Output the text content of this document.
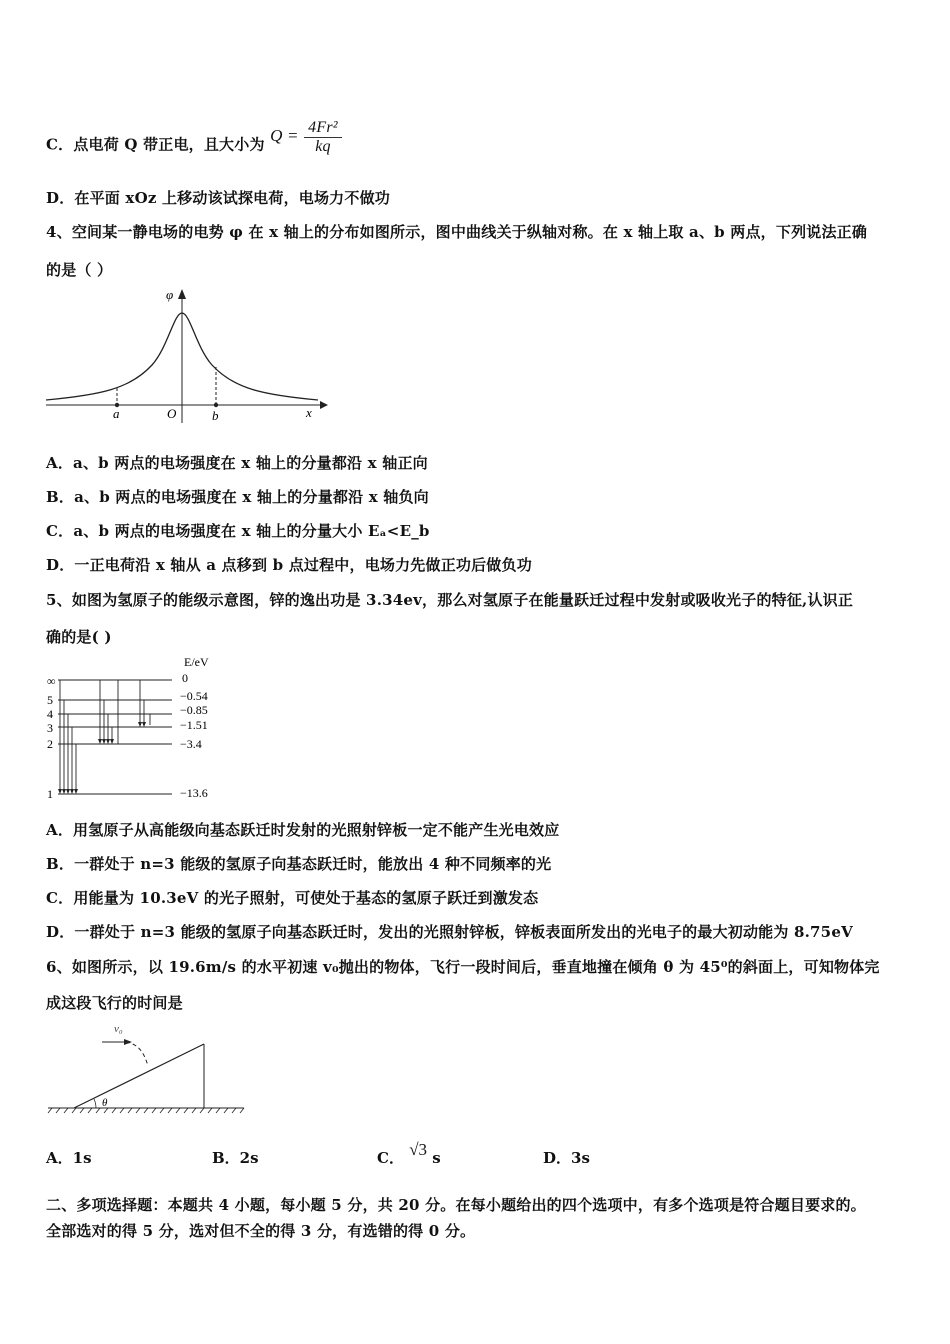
C．点电荷 Q 带正电，且大小为 $Q = \frac{\text{4Fr²}}{kq}$
D．在平面 xOz 上移动该试探电荷，电场力不做功
4、空间某一静电场的电势 φ 在 x 轴上的分布如图所示，图中曲线关于纵轴对称。在 x 轴上取 a、b 两点，下列说法正确
的是（ ）
φ
x
a	O	b
A．a、b 两点的电场强度在 x 轴上的分量都沿 x 轴正向
B．a、b 两点的电场强度在 x 轴上的分量都沿 x 轴负向
C．a、b 两点的电场强度在 x 轴上的分量大小 Eₐ<E_b
D．一正电荷沿 x 轴从 a 点移到 b 点过程中，电场力先做正功后做负功
5、如图为氢原子的能级示意图，锌的逸出功是 3.34ev，那么对氢原子在能量跃迁过程中发射或吸收光子的特征,认识正
确的是( )
E/eV
∞
5
4
3
2
1
0
−0.54
−0.85
−1.51
−3.4
−13.6
A．用氢原子从高能级向基态跃迁时发射的光照射锌板一定不能产生光电效应
B．一群处于 n=3 能级的氢原子向基态跃迁时，能放出 4 种不同频率的光
C．用能量为 10.3eV 的光子照射，可使处于基态的氢原子跃迁到激发态
D．一群处于 n=3 能级的氢原子向基态跃迁时，发出的光照射锌板，锌板表面所发出的光电子的最大初动能为 8.75eV
6、如图所示，以 19.6m/s 的水平初速 v₀抛出的物体，飞行一段时间后，垂直地撞在倾角 θ 为 45⁰的斜面上，可知物体完
成这段飞行的时间是
θ
v₀
A．1s	B．2s	C． √3 s	D．3s
二、多项选择题：本题共 4 小题，每小题 5 分，共 20 分。在每小题给出的四个选项中，有多个选项是符合题目要求的。
全部选对的得 5 分，选对但不全的得 3 分，有选错的得 0 分。
